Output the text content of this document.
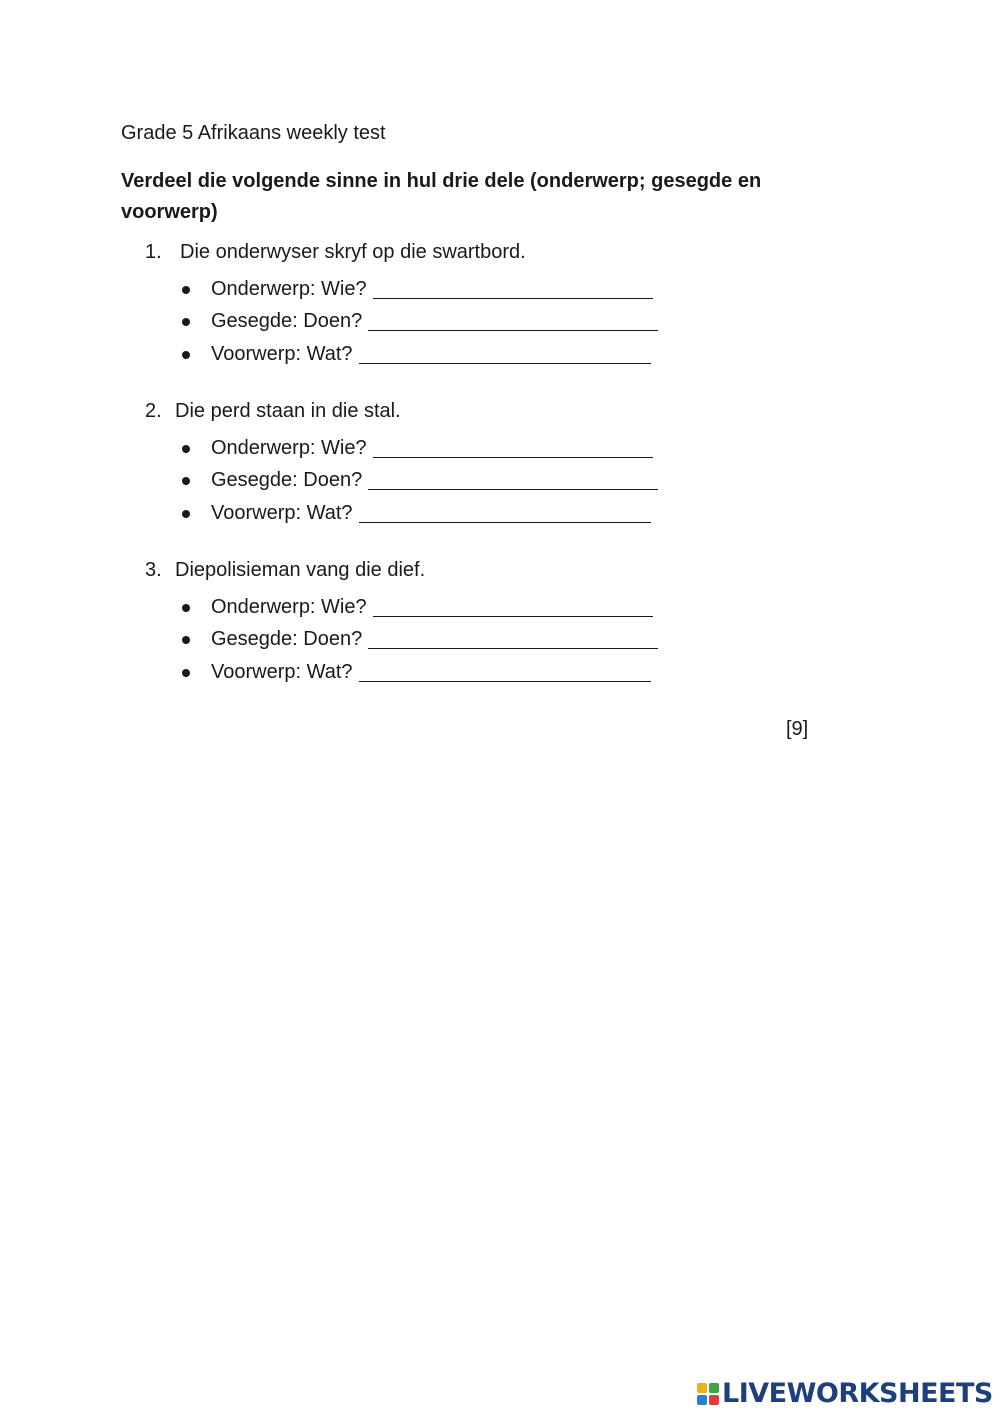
Grade 5 Afrikaans weekly test
Verdeel die volgende sinne in hul drie dele (onderwerp; gesegde en voorwerp)
1. Die onderwyser skryf op die swartbord.
Onderwerp: Wie?
Gesegde: Doen?
Voorwerp: Wat?
2. Die perd staan in die stal.
Onderwerp: Wie?
Gesegde: Doen?
Voorwerp: Wat?
3. Diepolisieman vang die dief.
Onderwerp: Wie?
Gesegde: Doen?
Voorwerp: Wat?
[9]
LIVEWORKSHEETS
